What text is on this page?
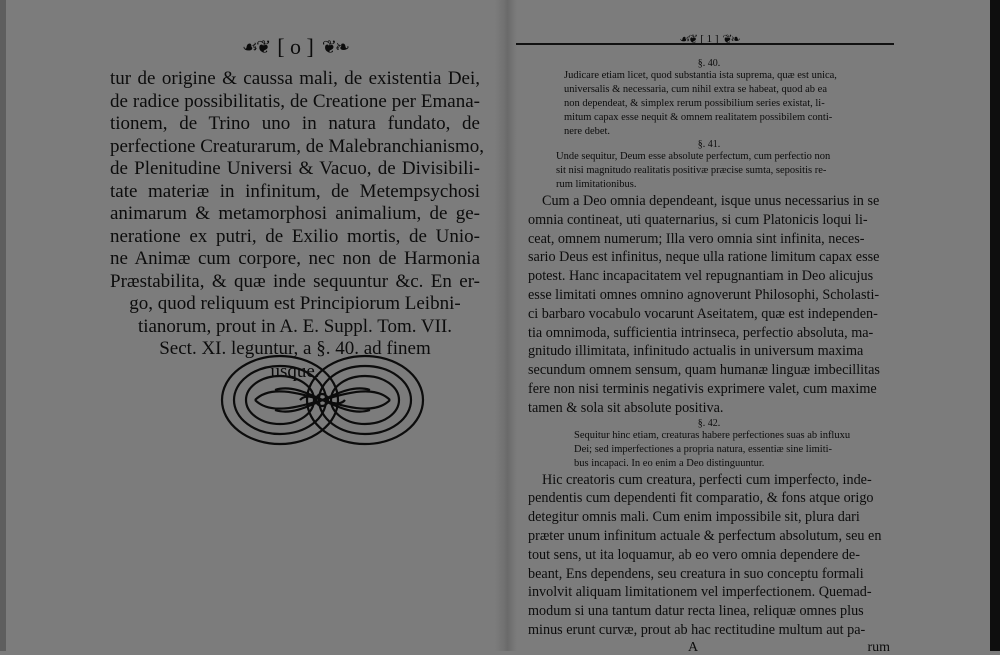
☙❦ [ o ] ❦❧
tur de origine & caussa mali, de existentia Dei,
de radice possibilitatis, de Creatione per Emana-
tionem, de Trino uno in natura fundato, de
perfectione Creaturarum, de Malebranchianismo,
de Plenitudine Universi & Vacuo, de Divisibili-
tate materiæ in infinitum, de Metempsychosi
animarum & metamorphosi animalium, de ge-
neratione ex putri, de Exilio mortis, de Unio-
ne Animæ cum corpore, nec non de Harmonia
Præstabilita, & quæ inde sequuntur &c. En er-
go, quod reliquum est Principiorum Leibni-
tianorum, prout in A. E. Suppl. Tom. VII.
Sect. XI. leguntur, a §. 40. ad finem
usque.
☙❦ [ 1 ] ❦❧
§. 40.
Judicare etiam licet, quod substantia ista suprema, quæ est unica,
universalis & necessaria, cum nihil extra se habeat, quod ab ea
non dependeat, & simplex rerum possibilium series existat, li-
mitum capax esse nequit & omnem realitatem possibilem conti-
nere debet.
§. 41.
Unde sequitur, Deum esse absolute perfectum, cum perfectio non
sit nisi magnitudo realitatis positivæ præcise sumta, sepositis re-
rum limitationibus.
Cum a Deo omnia dependeant, isque unus necessarius in se
omnia contineat, uti quaternarius, si cum Platonicis loqui li-
ceat, omnem numerum; Illa vero omnia sint infinita, neces-
sario Deus est infinitus, neque ulla ratione limitum capax esse
potest. Hanc incapacitatem vel repugnantiam in Deo alicujus
esse limitati omnes omnino agnoverunt Philosophi, Scholasti-
ci barbaro vocabulo vocarunt Aseitatem, quæ est independen-
tia omnimoda, sufficientia intrinseca, perfectio absoluta, ma-
gnitudo illimitata, infinitudo actualis in universum maxima
secundum omnem sensum, quam humanæ linguæ imbecillitas
fere non nisi terminis negativis exprimere valet, cum maxime
tamen & sola sit absolute positiva.
§. 42.
Sequitur hinc etiam, creaturas habere perfectiones suas ab influxu
Dei; sed imperfectiones a propria natura, essentiæ sine limiti-
bus incapaci. In eo enim a Deo distinguuntur.
Hic creatoris cum creatura, perfecti cum imperfecto, inde-
pendentis cum dependenti fit comparatio, & fons atque origo
detegitur omnis mali. Cum enim impossibile sit, plura dari
præter unum infinitum actuale & perfectum absolutum, seu en
tout sens, ut ita loquamur, ab eo vero omnia dependere de-
beant, Ens dependens, seu creatura in suo conceptu formali
involvit aliquam limitationem vel imperfectionem. Quemad-
modum si una tantum datur recta linea, reliquæ omnes plus
minus erunt curvæ, prout ab hac rectitudine multum aut pa-
A	rum
